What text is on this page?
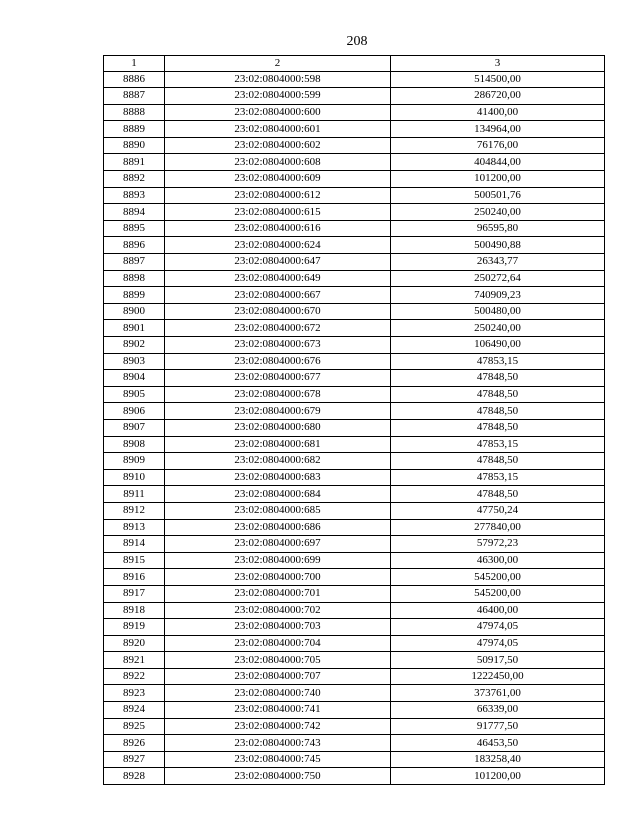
208
1	2	3
8886	23:02:0804000:598	514500,00
8887	23:02:0804000:599	286720,00
8888	23:02:0804000:600	41400,00
8889	23:02:0804000:601	134964,00
8890	23:02:0804000:602	76176,00
8891	23:02:0804000:608	404844,00
8892	23:02:0804000:609	101200,00
8893	23:02:0804000:612	500501,76
8894	23:02:0804000:615	250240,00
8895	23:02:0804000:616	96595,80
8896	23:02:0804000:624	500490,88
8897	23:02:0804000:647	26343,77
8898	23:02:0804000:649	250272,64
8899	23:02:0804000:667	740909,23
8900	23:02:0804000:670	500480,00
8901	23:02:0804000:672	250240,00
8902	23:02:0804000:673	106490,00
8903	23:02:0804000:676	47853,15
8904	23:02:0804000:677	47848,50
8905	23:02:0804000:678	47848,50
8906	23:02:0804000:679	47848,50
8907	23:02:0804000:680	47848,50
8908	23:02:0804000:681	47853,15
8909	23:02:0804000:682	47848,50
8910	23:02:0804000:683	47853,15
8911	23:02:0804000:684	47848,50
8912	23:02:0804000:685	47750,24
8913	23:02:0804000:686	277840,00
8914	23:02:0804000:697	57972,23
8915	23:02:0804000:699	46300,00
8916	23:02:0804000:700	545200,00
8917	23:02:0804000:701	545200,00
8918	23:02:0804000:702	46400,00
8919	23:02:0804000:703	47974,05
8920	23:02:0804000:704	47974,05
8921	23:02:0804000:705	50917,50
8922	23:02:0804000:707	1222450,00
8923	23:02:0804000:740	373761,00
8924	23:02:0804000:741	66339,00
8925	23:02:0804000:742	91777,50
8926	23:02:0804000:743	46453,50
8927	23:02:0804000:745	183258,40
8928	23:02:0804000:750	101200,00
